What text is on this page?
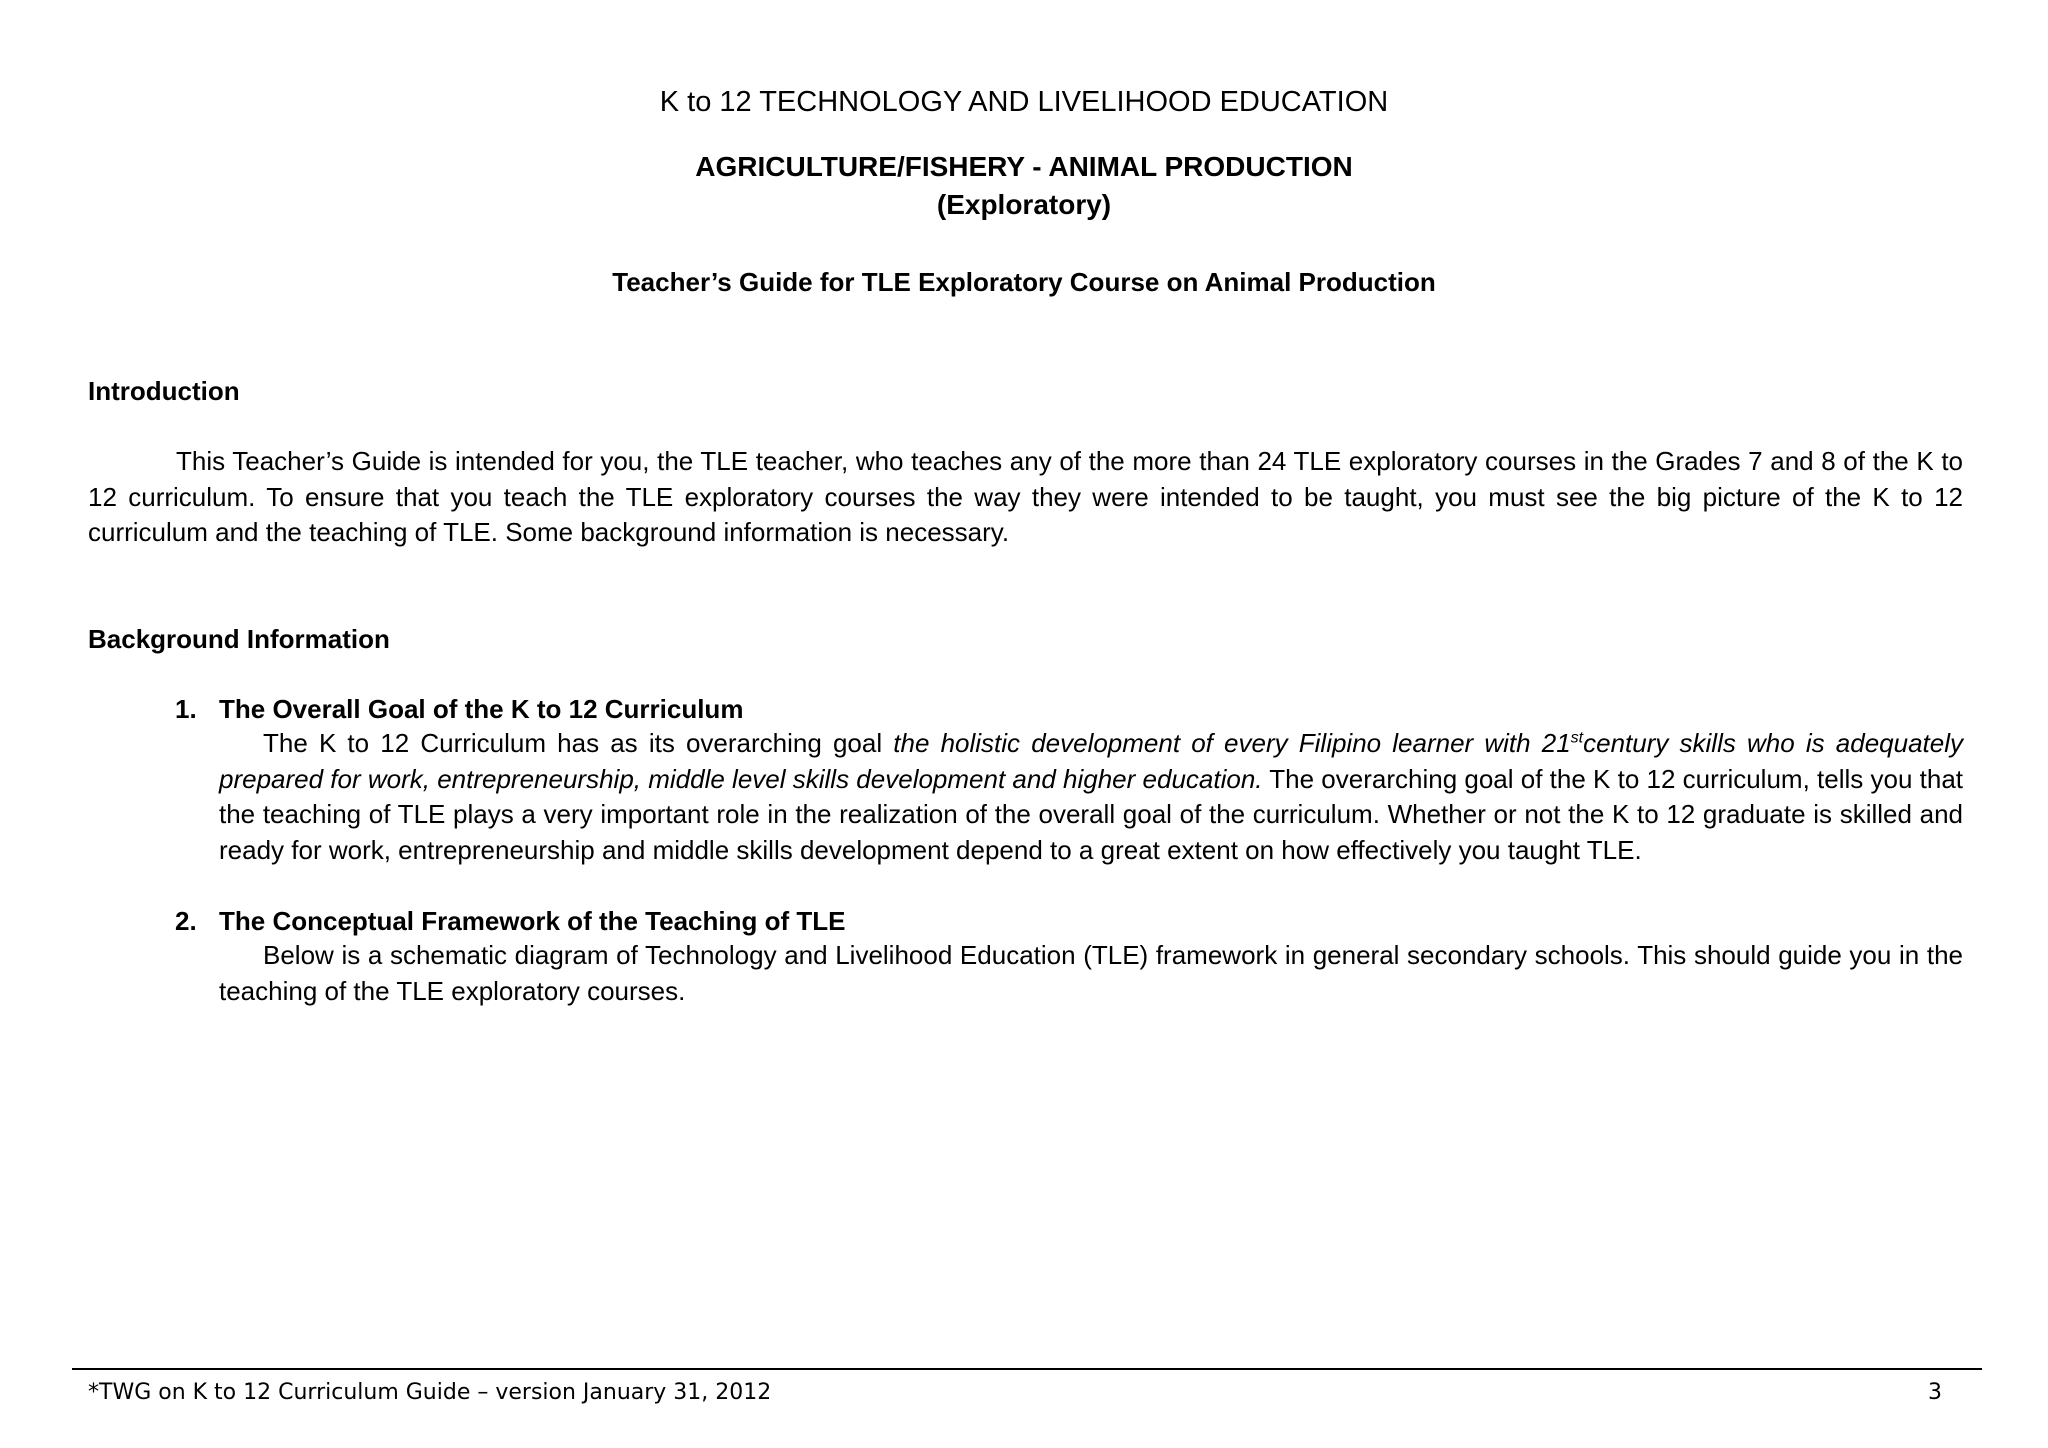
K to 12 TECHNOLOGY AND LIVELIHOOD EDUCATION
AGRICULTURE/FISHERY - ANIMAL PRODUCTION
(Exploratory)
Teacher’s Guide for TLE Exploratory Course on Animal Production
Introduction
This Teacher’s Guide is intended for you, the TLE teacher, who teaches any of the more than 24 TLE exploratory courses in the Grades 7 and 8 of the K to 12 curriculum. To ensure that you teach the TLE exploratory courses the way they were intended to be taught, you must see the big picture of the K to 12 curriculum and the teaching of TLE. Some background information is necessary.
Background Information
1. The Overall Goal of the K to 12 Curriculum
The K to 12 Curriculum has as its overarching goal the holistic development of every Filipino learner with 21stcentury skills who is adequately prepared for work, entrepreneurship, middle level skills development and higher education. The overarching goal of the K to 12 curriculum, tells you that the teaching of TLE plays a very important role in the realization of the overall goal of the curriculum. Whether or not the K to 12 graduate is skilled and ready for work, entrepreneurship and middle skills development depend to a great extent on how effectively you taught TLE.
2. The Conceptual Framework of the Teaching of TLE
Below is a schematic diagram of Technology and Livelihood Education (TLE) framework in general secondary schools. This should guide you in the teaching of the TLE exploratory courses.
*TWG on K to 12 Curriculum Guide – version January 31, 2012	3
